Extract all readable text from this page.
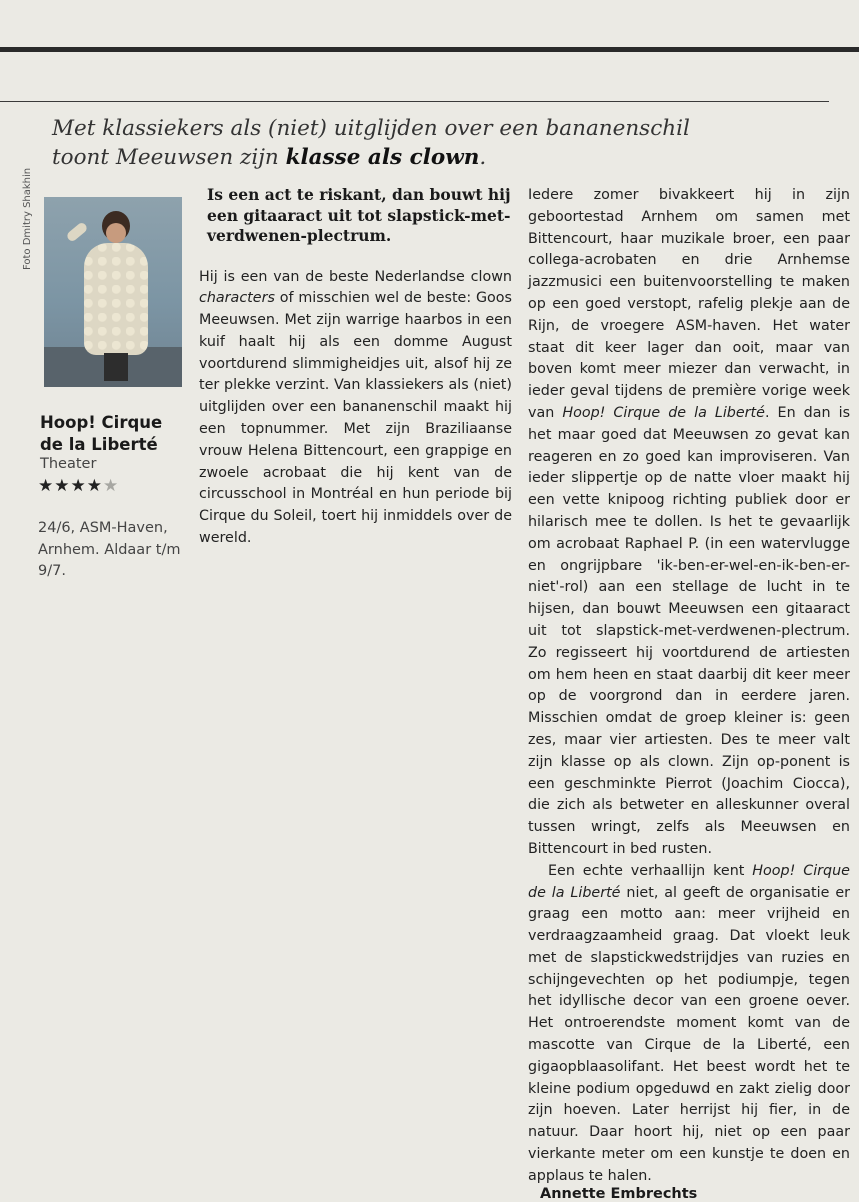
Met klassiekers als (niet) uitglijden over een bananenschil
toont Meeuwsen zijn klasse als clown.
Foto Dmitry Shakhin
Hoop! Cirque de la Liberté
Theater
★★★★★
24/6, ASM-Haven, Arnhem. Aldaar t/m 9/7.

Is een act te riskant, dan bouwt hij een gitaaract uit tot slapstick-met-verdwenen-plectrum.

Hij is een van de beste Nederlandse clown characters of misschien wel de beste: Goos Meeuwsen. Met zijn warrige haarbos in een kuif haalt hij als een domme August voortdurend slimmigheidjes uit, alsof hij ze ter plekke verzint. Van klassiekers als (niet) uitglijden over een bananenschil maakt hij een topnummer. Met zijn Braziliaanse vrouw Helena Bittencourt, een grappige en zwoele acrobaat die hij kent van de circusschool in Montréal en hun periode bij Cirque du Soleil, toert hij inmiddels over de wereld.

Iedere zomer bivakkeert hij in zijn geboortestad Arnhem om samen met Bittencourt, haar muzikale broer, een paar collega-acrobaten en drie Arnhemse jazzmusici een buitenvoorstelling te maken op een goed verstopt, rafelig plekje aan de Rijn, de vroegere ASM-haven. Het water staat dit keer lager dan ooit, maar van boven komt meer miezer dan verwacht, in ieder geval tijdens de première vorige week van Hoop! Cirque de la Liberté. En dan is het maar goed dat Meeuwsen zo gevat kan reageren en zo goed kan improviseren. Van ieder slippertje op de natte vloer maakt hij een vette knipoog richting publiek door er hilarisch mee te dollen. Is het te gevaarlijk om acrobaat Raphael P. (in een watervlugge en ongrijpbare 'ik-ben-er-wel-en-ik-ben-er-niet'-rol) aan een stellage de lucht in te hijsen, dan bouwt Meeuwsen een gitaaract uit tot slapstick-met-verdwenen-plectrum. Zo regisseert hij voortdurend de artiesten om hem heen en staat daarbij dit keer meer op de voorgrond dan in eerdere jaren. Misschien omdat de groep kleiner is: geen zes, maar vier artiesten. Des te meer valt zijn klasse op als clown. Zijn op-ponent is een geschminkte Pierrot (Joachim Ciocca), die zich als betweter en alleskunner overal tussen wringt, zelfs als Meeuwsen en Bittencourt in bed rusten.

Een echte verhaallijn kent Hoop! Cirque de la Liberté niet, al geeft de organisatie er graag een motto aan: meer vrijheid en verdraagzaamheid graag. Dat vloekt leuk met de slapstickwedstrijdjes van ruzies en schijngevechten op het podiumpje, tegen het idyllische decor van een groene oever. Het ontroerendste moment komt van de mascotte van Cirque de la Liberté, een gigaopblaasolifant. Het beest wordt het te kleine podium opgeduwd en zakt zielig door zijn hoeven. Later herrijst hij fier, in de natuur. Daar hoort hij, niet op een paar vierkante meter om een kunstje te doen en applaus te halen.

Annette Embrechts
